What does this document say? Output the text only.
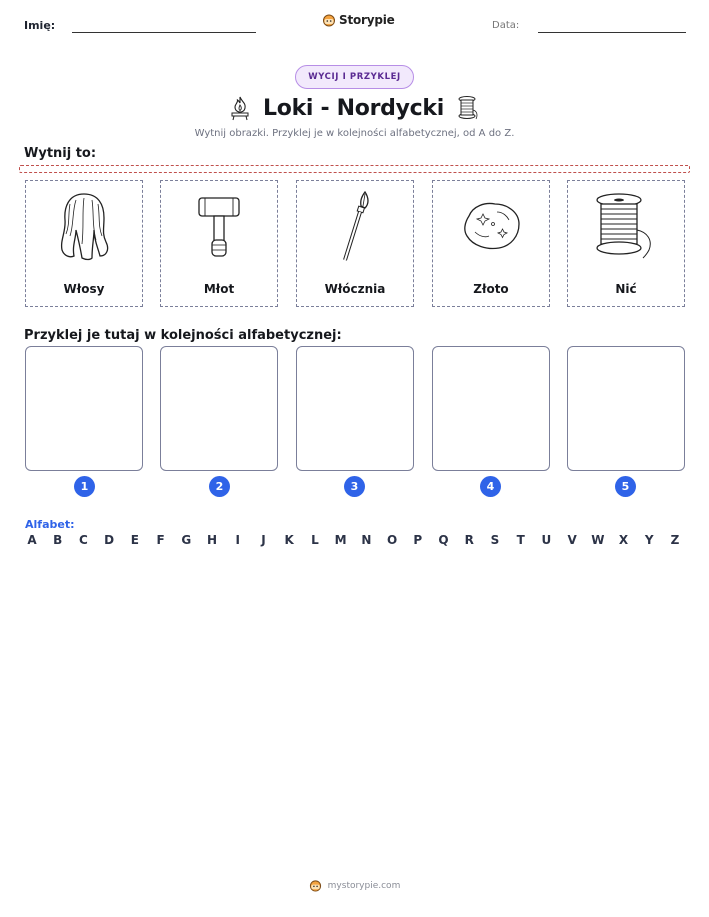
Imię:	Storypie	Data:
WYCIJ I PRZYKLEJ
Loki - Nordycki
Wytnij obrazki. Przyklej je w kolejności alfabetycznej, od A do Z.
Wytnij to:
Włosy	Młot	Włócznia	Złoto	Nić
Przyklej je tutaj w kolejności alfabetycznej:
1	2	3	4	5
Alfabet:
A B C D E F G H	I	J	K L M N O P Q R S T U V W X Y Z
mystorypie.com
